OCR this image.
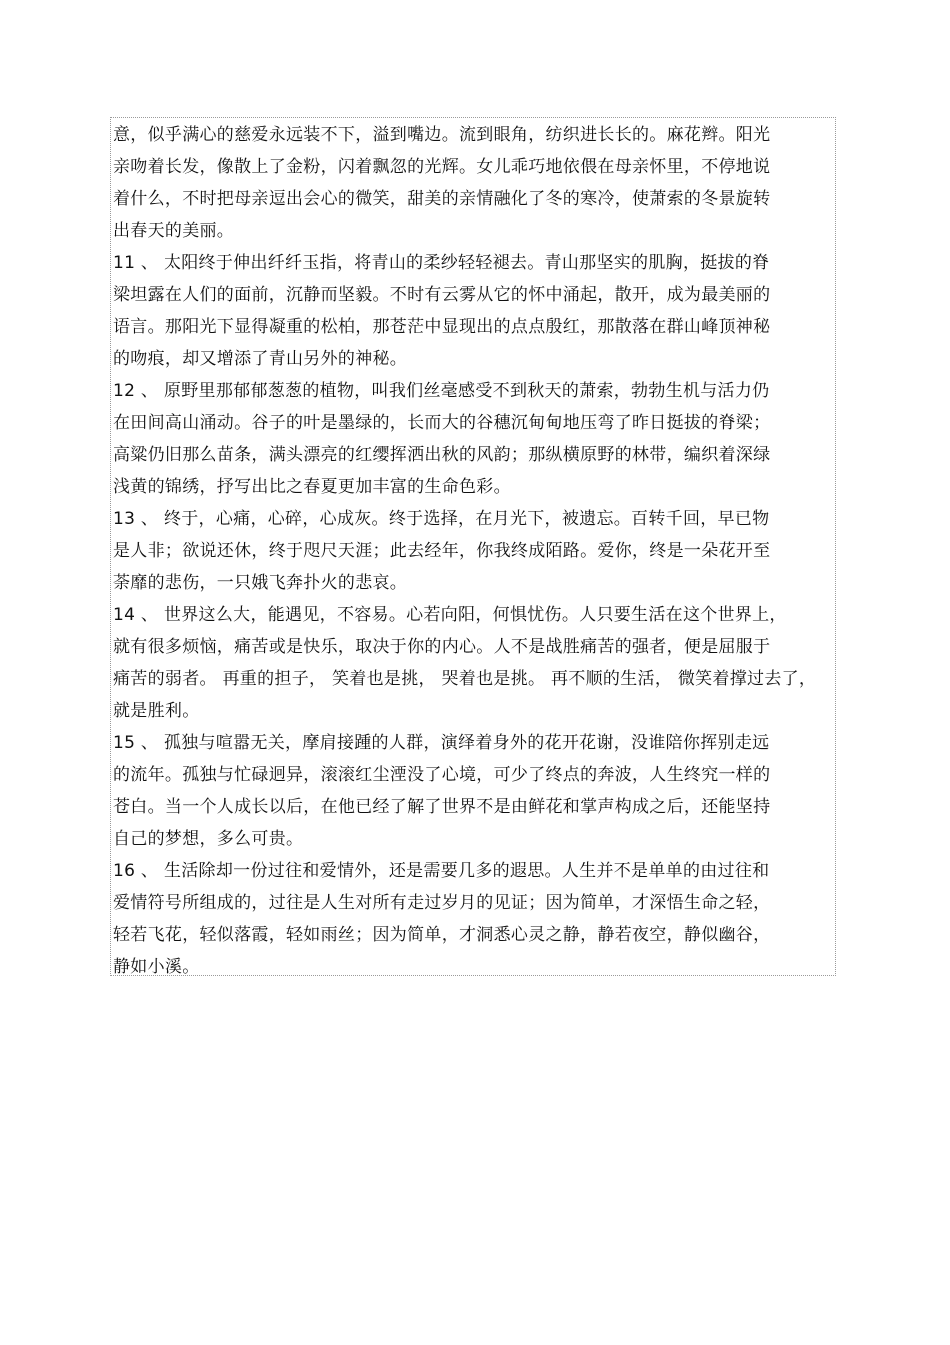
意，似乎满心的慈爱永远装不下，溢到嘴边。流到眼角，纺织进长长的。麻花辫。阳光
亲吻着长发，像散上了金粉，闪着飘忽的光辉。女儿乖巧地依偎在母亲怀里，不停地说
着什么，不时把母亲逗出会心的微笑，甜美的亲情融化了冬的寒冷，使萧索的冬景旋转
出春天的美丽。
11 、 太阳终于伸出纤纤玉指，将青山的柔纱轻轻褪去。青山那坚实的肌胸，挺拔的脊
梁坦露在人们的面前，沉静而坚毅。不时有云雾从它的怀中涌起，散开，成为最美丽的
语言。那阳光下显得凝重的松柏，那苍茫中显现出的点点殷红，那散落在群山峰顶神秘
的吻痕，却又增添了青山另外的神秘。
12 、 原野里那郁郁葱葱的植物，叫我们丝毫感受不到秋天的萧索，勃勃生机与活力仍
在田间高山涌动。谷子的叶是墨绿的，长而大的谷穗沉甸甸地压弯了昨日挺拔的脊梁；
高粱仍旧那么苗条，满头漂亮的红缨挥洒出秋的风韵；那纵横原野的林带，编织着深绿
浅黄的锦绣，抒写出比之春夏更加丰富的生命色彩。
13 、 终于，心痛，心碎，心成灰。终于选择，在月光下，被遗忘。百转千回，早已物
是人非；欲说还休，终于咫尺天涯；此去经年，你我终成陌路。爱你，终是一朵花开至
荼靡的悲伤，一只娥飞奔扑火的悲哀。
14 、 世界这么大，能遇见，不容易。心若向阳，何惧忧伤。人只要生活在这个世界上，
就有很多烦恼，痛苦或是快乐，取决于你的内心。人不是战胜痛苦的强者，便是屈服于
痛苦的弱者。 再重的担子， 笑着也是挑， 哭着也是挑。 再不顺的生活， 微笑着撑过去了，
就是胜利。
15 、 孤独与喧嚣无关，摩肩接踵的人群，演绎着身外的花开花谢，没谁陪你挥别走远
的流年。孤独与忙碌迥异，滚滚红尘湮没了心境，可少了终点的奔波，人生终究一样的
苍白。当一个人成长以后，在他已经了解了世界不是由鲜花和掌声构成之后，还能坚持
自己的梦想，多么可贵。
16 、 生活除却一份过往和爱情外，还是需要几多的遐思。人生并不是单单的由过往和
爱情符号所组成的，过往是人生对所有走过岁月的见证；因为简单，才深悟生命之轻，
轻若飞花，轻似落霞，轻如雨丝；因为简单，才洞悉心灵之静，静若夜空，静似幽谷，
静如小溪。
